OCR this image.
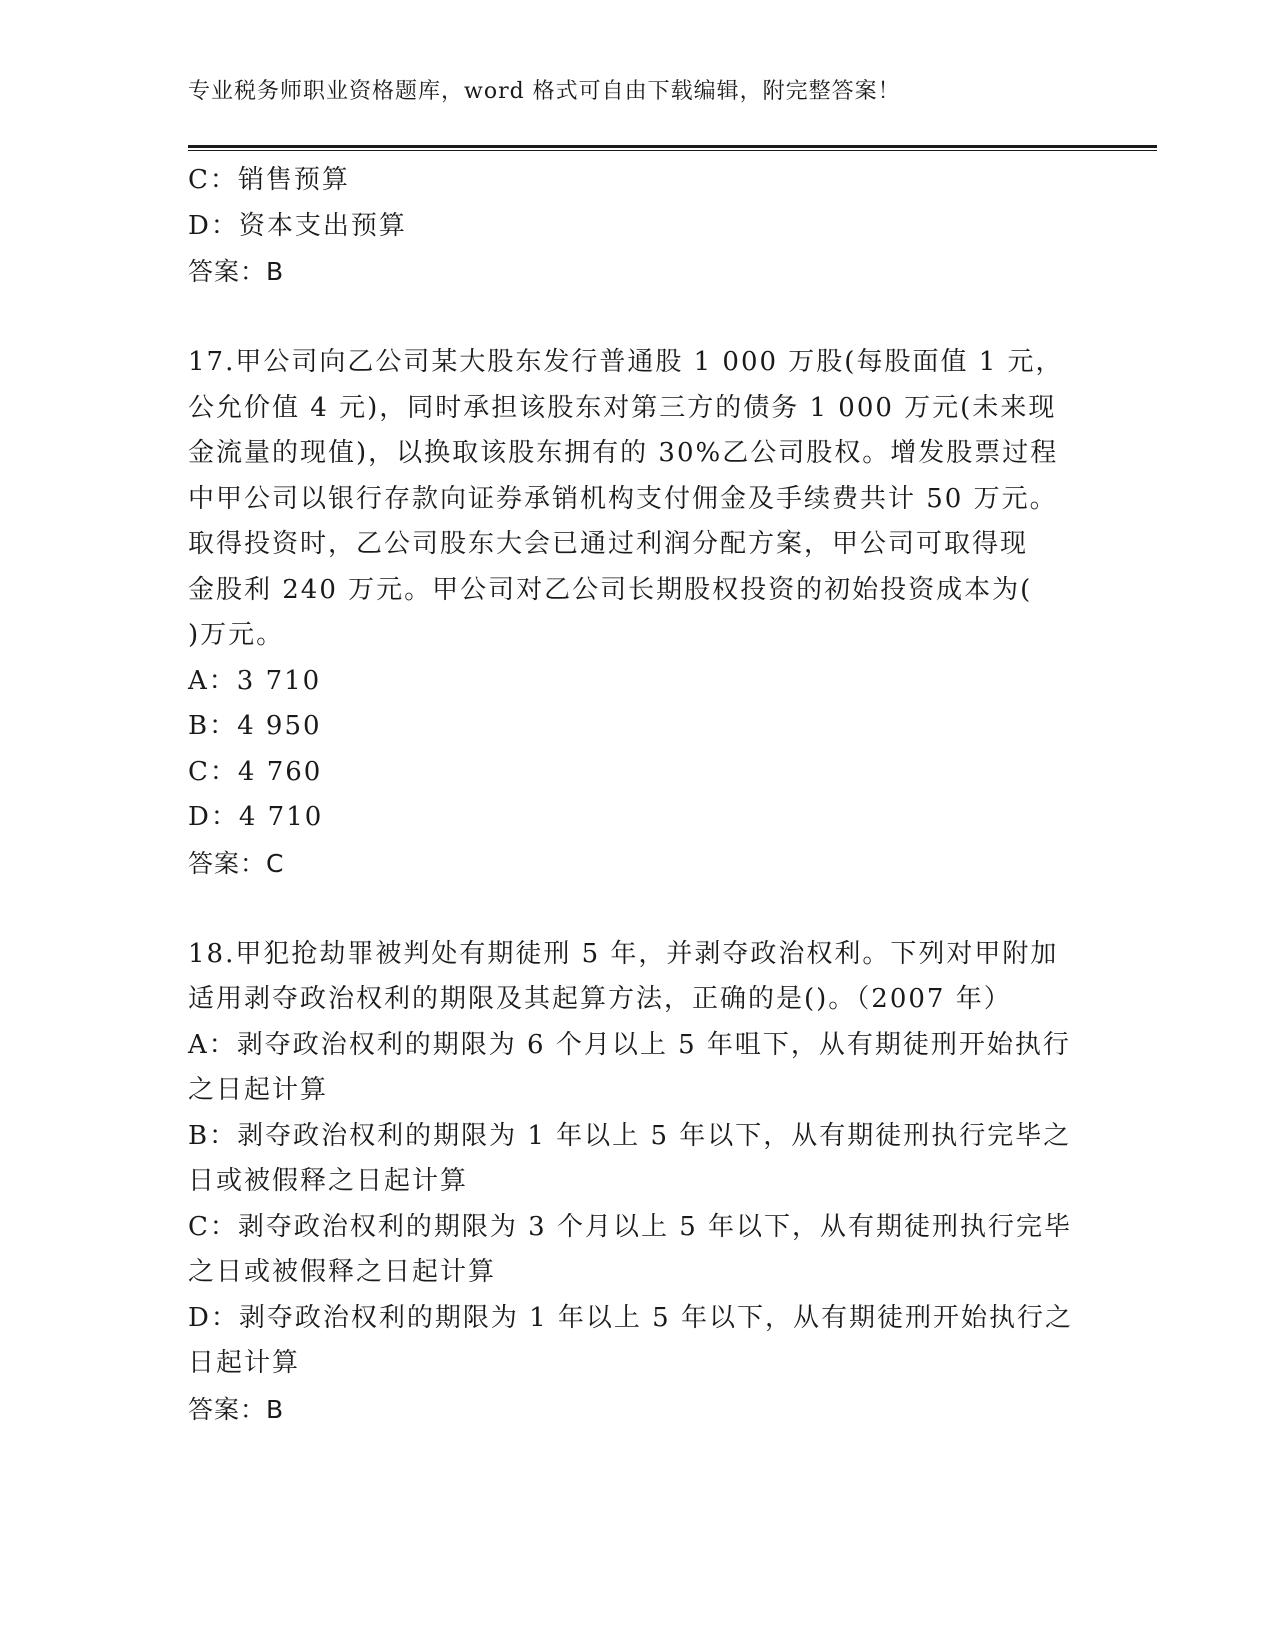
专业税务师职业资格题库，word 格式可自由下载编辑，附完整答案！
C：销售预算
D：资本支出预算
答案：B
17.甲公司向乙公司某大股东发行普通股 1 000 万股(每股面值 1 元，
公允价值 4 元)，同时承担该股东对第三方的债务 1 000 万元(未来现
金流量的现值)，以换取该股东拥有的 30%乙公司股权。增发股票过程
中甲公司以银行存款向证券承销机构支付佣金及手续费共计 50 万元。
取得投资时，乙公司股东大会已通过利润分配方案，甲公司可取得现
金股利 240 万元。甲公司对乙公司长期股权投资的初始投资成本为(
)万元。
A：3 710
B：4 950
C：4 760
D：4 710
答案：C
18.甲犯抢劫罪被判处有期徒刑 5 年，并剥夺政治权利。下列对甲附加
适用剥夺政治权利的期限及其起算方法，正确的是()。（2007 年）
A：剥夺政治权利的期限为 6 个月以上 5 年咀下，从有期徒刑开始执行
之日起计算
B：剥夺政治权利的期限为 1 年以上 5 年以下，从有期徒刑执行完毕之
日或被假释之日起计算
C：剥夺政治权利的期限为 3 个月以上 5 年以下，从有期徒刑执行完毕
之日或被假释之日起计算
D：剥夺政治权利的期限为 1 年以上 5 年以下，从有期徒刑开始执行之
日起计算
答案：B
